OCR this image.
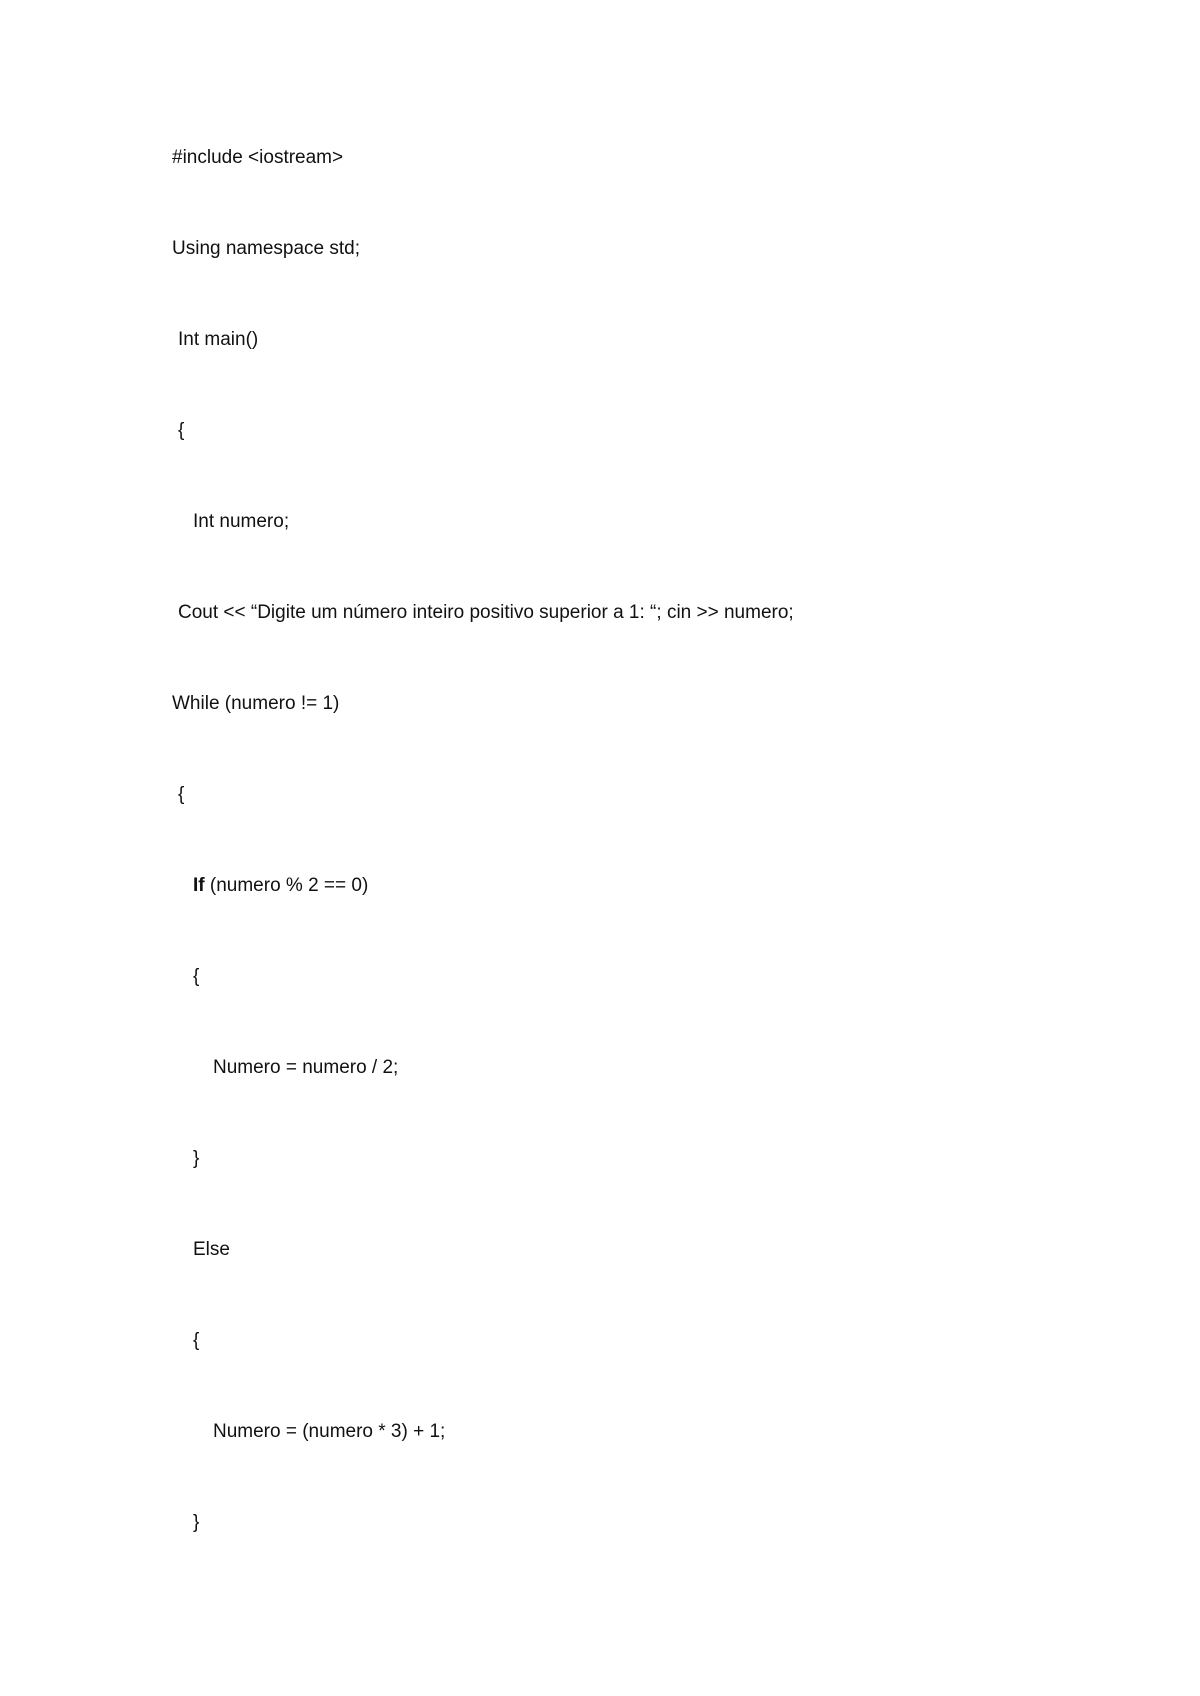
#include <iostream>
Using namespace std;
Int main()
{
Int numero;
Cout << “Digite um número inteiro positivo superior a 1: “; cin >> numero;
While (numero != 1)
{
If (numero % 2 == 0)
{
Numero = numero / 2;
}
Else
{
Numero = (numero * 3) + 1;
}
